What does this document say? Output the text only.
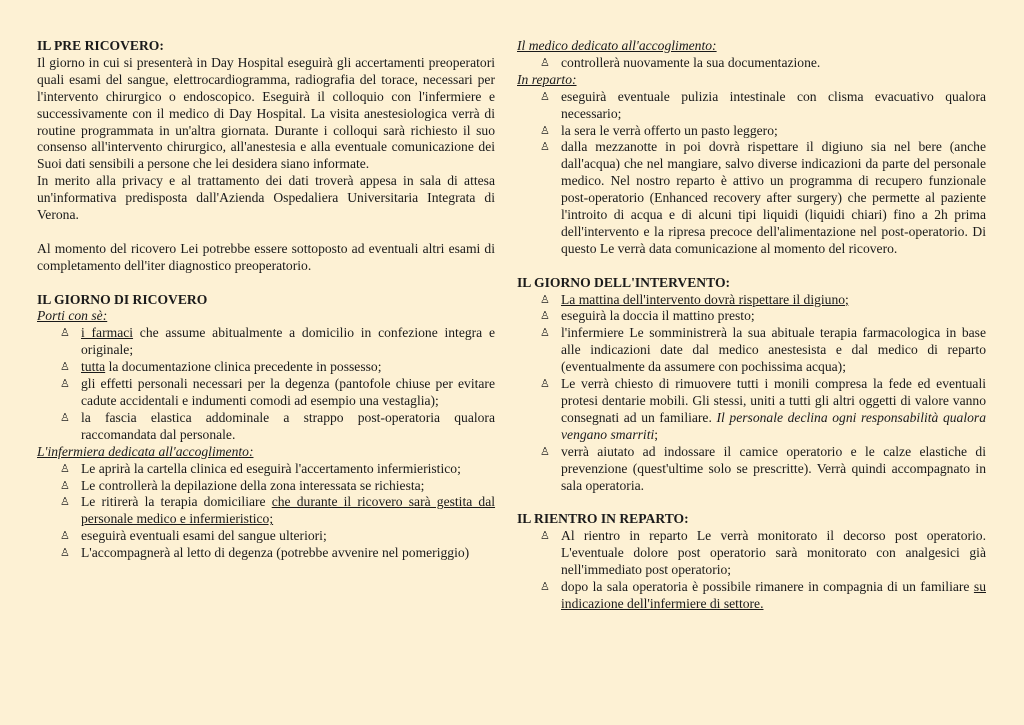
IL PRE RICOVERO:

Il giorno in cui si presenterà in Day Hospital eseguirà gli accertamenti preoperatori quali esami del sangue, elettrocardiogramma, radiografia del torace, necessari per l'intervento chirurgico o endoscopico. Eseguirà il colloquio con l'infermiere e successivamente con il medico di Day Hospital. La visita anestesiologica verrà di routine programmata in un'altra giornata. Durante i colloqui sarà richiesto il suo consenso all'intervento chirurgico, all'anestesia e alla eventuale comunicazione dei Suoi dati sensibili a persone che lei desidera siano informate.

In merito alla privacy e al trattamento dei dati troverà appesa in sala di attesa un'informativa predisposta dall'Azienda Ospedaliera Universitaria Integrata di Verona.

Al momento del ricovero Lei potrebbe essere sottoposto ad eventuali altri esami di completamento dell'iter diagnostico preoperatorio.

IL GIORNO DI RICOVERO

Porti con sè:

♙ i farmaci che assume abitualmente a domicilio in confezione integra e originale;
♙ tutta la documentazione clinica precedente in possesso;
♙ gli effetti personali necessari per la degenza (pantofole chiuse per evitare cadute accidentali e indumenti comodi ad esempio una vestaglia);
♙ la fascia elastica addominale a strappo post-operatoria qualora raccomandata dal personale.

L'infermiera dedicata all'accoglimento:

♙ Le aprirà la cartella clinica ed eseguirà l'accertamento infermieristico;
♙ Le controllerà la depilazione della zona interessata se richiesta;
♙ Le ritirerà la terapia domiciliare che durante il ricovero sarà gestita dal personale medico e infermieristico;
♙ eseguirà eventuali esami del sangue ulteriori;
♙ L'accompagnerà al letto di degenza (potrebbe avvenire nel pomeriggio)

Il medico dedicato all'accoglimento:

♙ controllerà nuovamente la sua documentazione.

In reparto:

♙ eseguirà eventuale pulizia intestinale con clisma evacuativo qualora necessario;
♙ la sera le verrà offerto un pasto leggero;
♙ dalla mezzanotte in poi dovrà rispettare il digiuno sia nel bere (anche dall'acqua) che nel mangiare, salvo diverse indicazioni da parte del personale medico. Nel nostro reparto è attivo un programma di recupero funzionale post-operatorio (Enhanced recovery after surgery) che permette al paziente l'introito di acqua e di alcuni tipi liquidi (liquidi chiari) fino a 2h prima dell'intervento e la ripresa precoce dell'alimentazione nel post-operatorio. Di questo Le verrà data comunicazione al momento del ricovero.

IL GIORNO DELL'INTERVENTO:

♙ La mattina dell'intervento dovrà rispettare il digiuno;
♙ eseguirà la doccia il mattino presto;
♙ l'infermiere Le somministrerà la sua abituale terapia farmacologica in base alle indicazioni date dal medico anestesista e dal medico di reparto (eventualmente da assumere con pochissima acqua);
♙ Le verrà chiesto di rimuovere tutti i monili compresa la fede ed eventuali protesi dentarie mobili. Gli stessi, uniti a tutti gli altri oggetti di valore vanno consegnati ad un familiare. Il personale declina ogni responsabilità qualora vengano smarriti;
♙ verrà aiutato ad indossare il camice operatorio e le calze elastiche di prevenzione (quest'ultime solo se prescritte). Verrà quindi accompagnato in sala operatoria.

IL RIENTRO IN REPARTO:

♙ Al rientro in reparto Le verrà monitorato il decorso post operatorio. L'eventuale dolore post operatorio sarà monitorato con analgesici già nell'immediato post operatorio;
♙ dopo la sala operatoria è possibile rimanere in compagnia di un familiare su indicazione dell'infermiere di settore.
